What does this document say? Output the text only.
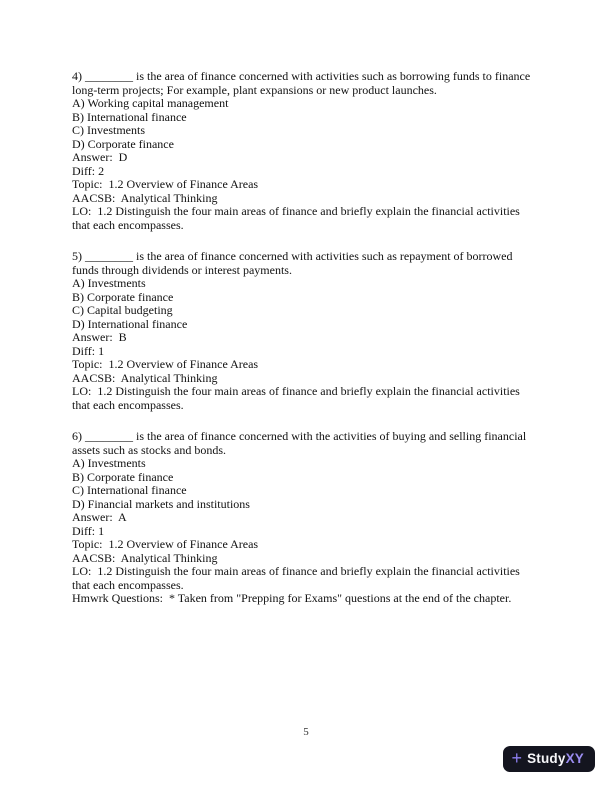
4) ________ is the area of finance concerned with activities such as borrowing funds to finance
long-term projects; For example, plant expansions or new product launches.
A) Working capital management
B) International finance
C) Investments
D) Corporate finance
Answer:  D
Diff: 2
Topic:  1.2 Overview of Finance Areas
AACSB:  Analytical Thinking
LO:  1.2 Distinguish the four main areas of finance and briefly explain the financial activities
that each encompasses.
5) ________ is the area of finance concerned with activities such as repayment of borrowed
funds through dividends or interest payments.
A) Investments
B) Corporate finance
C) Capital budgeting
D) International finance
Answer:  B
Diff: 1
Topic:  1.2 Overview of Finance Areas
AACSB:  Analytical Thinking
LO:  1.2 Distinguish the four main areas of finance and briefly explain the financial activities
that each encompasses.
6) ________ is the area of finance concerned with the activities of buying and selling financial
assets such as stocks and bonds.
A) Investments
B) Corporate finance
C) International finance
D) Financial markets and institutions
Answer:  A
Diff: 1
Topic:  1.2 Overview of Finance Areas
AACSB:  Analytical Thinking
LO:  1.2 Distinguish the four main areas of finance and briefly explain the financial activities
that each encompasses.
Hmwrk Questions:  * Taken from "Prepping for Exams" questions at the end of the chapter.
5
+ Study XY
